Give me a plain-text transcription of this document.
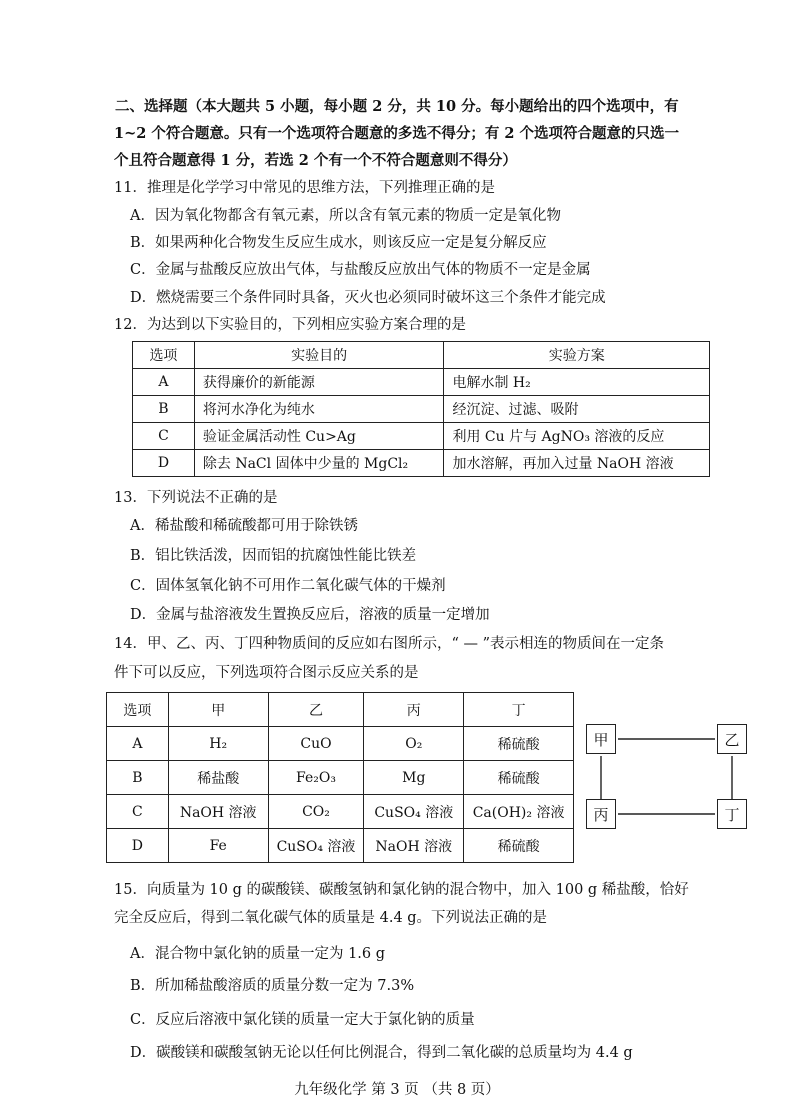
二、选择题（本大题共 5 小题，每小题 2 分，共 10 分。每小题给出的四个选项中，有
1~2 个符合题意。只有一个选项符合题意的多选不得分；有 2 个选项符合题意的只选一
个且符合题意得 1 分，若选 2 个有一个不符合题意则不得分）
11．推理是化学学习中常见的思维方法，下列推理正确的是
A．因为氧化物都含有氧元素，所以含有氧元素的物质一定是氧化物
B．如果两种化合物发生反应生成水，则该反应一定是复分解反应
C．金属与盐酸反应放出气体，与盐酸反应放出气体的物质不一定是金属
D．燃烧需要三个条件同时具备，灭火也必须同时破坏这三个条件才能完成
12．为达到以下实验目的，下列相应实验方案合理的是
选项	实验目的	实验方案
A	获得廉价的新能源	电解水制 H₂
B	将河水净化为纯水	经沉淀、过滤、吸附
C	验证金属活动性 Cu>Ag	利用 Cu 片与 AgNO₃ 溶液的反应
D	除去 NaCl 固体中少量的 MgCl₂	加水溶解，再加入过量 NaOH 溶液
13．下列说法不正确的是
A．稀盐酸和稀硫酸都可用于除铁锈
B．铝比铁活泼，因而铝的抗腐蚀性能比铁差
C．固体氢氧化钠不可用作二氧化碳气体的干燥剂
D．金属与盐溶液发生置换反应后，溶液的质量一定增加
14．甲、乙、丙、丁四种物质间的反应如右图所示，“ — ”表示相连的物质间在一定条
件下可以反应，下列选项符合图示反应关系的是
选项	甲	乙	丙	丁
A	H₂	CuO	O₂	稀硫酸
B	稀盐酸	Fe₂O₃	Mg	稀硫酸
C	NaOH 溶液	CO₂	CuSO₄ 溶液	Ca(OH)₂ 溶液
D	Fe	CuSO₄ 溶液	NaOH 溶液	稀硫酸
甲	乙
丙	丁
15．向质量为 10 g 的碳酸镁、碳酸氢钠和氯化钠的混合物中，加入 100 g 稀盐酸，恰好
完全反应后，得到二氧化碳气体的质量是 4.4 g。下列说法正确的是
A．混合物中氯化钠的质量一定为 1.6 g
B．所加稀盐酸溶质的质量分数一定为 7.3%
C．反应后溶液中氯化镁的质量一定大于氯化钠的质量
D．碳酸镁和碳酸氢钠无论以任何比例混合，得到二氧化碳的总质量均为 4.4 g
九年级化学 第 3 页 （共 8 页）
